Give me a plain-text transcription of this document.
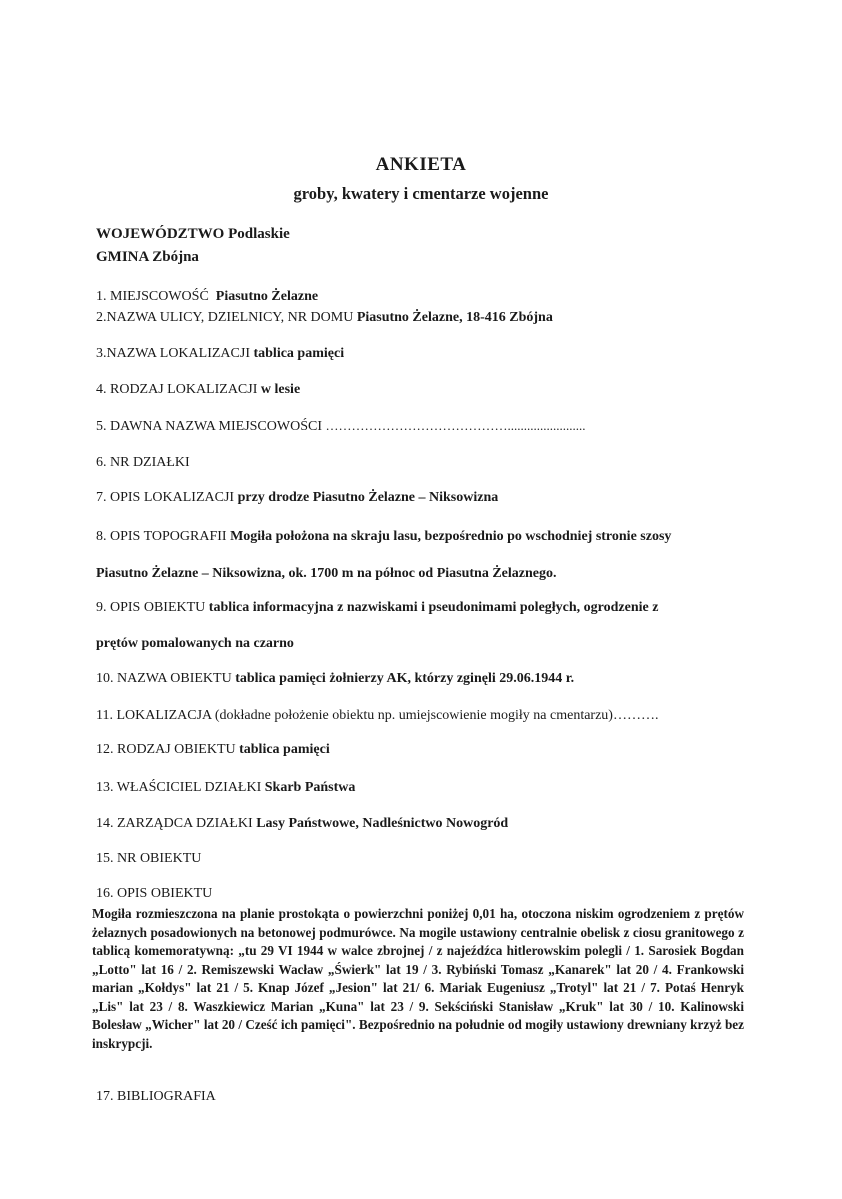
ANKIETA
groby, kwatery i cmentarze wojenne
WOJEWÓDZTWO Podlaskie
GMINA Zbójna
1. MIEJSCOWOŚĆ Piasutno Żelazne
2.NAZWA ULICY, DZIELNICY, NR DOMU Piasutno Żelazne, 18-416 Zbójna
3.NAZWA LOKALIZACJI tablica pamięci
4. RODZAJ LOKALIZACJI w lesie
5. DAWNA NAZWA MIEJSCOWOŚCI ……………………………………........................
6. NR DZIAŁKI
7. OPIS LOKALIZACJI przy drodze Piasutno Żelazne – Niksowizna
8. OPIS TOPOGRAFII Mogiła położona na skraju lasu, bezpośrednio po wschodniej stronie szosy
Piasutno Żelazne – Niksowizna, ok. 1700 m na północ od Piasutna Żelaznego.
9. OPIS OBIEKTU tablica informacyjna z nazwiskami i pseudonimami poległych, ogrodzenie z
prętów pomalowanych na czarno
10. NAZWA OBIEKTU tablica pamięci żołnierzy AK, którzy zginęli 29.06.1944 r.
11. LOKALIZACJA (dokładne położenie obiektu np. umiejscowienie mogiły na cmentarzu)……….
12. RODZAJ OBIEKTU tablica pamięci
13. WŁAŚCICIEL DZIAŁKI Skarb Państwa
14. ZARZĄDCA DZIAŁKI Lasy Państwowe, Nadleśnictwo Nowogród
15. NR OBIEKTU
16. OPIS OBIEKTU
Mogiła rozmieszczona na planie prostokąta o powierzchni poniżej 0,01 ha, otoczona niskim ogrodzeniem z prętów żelaznych posadowionych na betonowej podmurówce. Na mogile ustawiony centralnie obelisk z ciosu granitowego z tablicą komemoratywną: „tu 29 VI 1944 w walce zbrojnej / z najeźdźca hitlerowskim polegli / 1. Sarosiek Bogdan „Lotto" lat 16 / 2. Remiszewski Wacław „Świerk" lat 19 / 3. Rybiński Tomasz „Kanarek" lat 20 / 4. Frankowski marian „Kołdys" lat 21 / 5. Knap Józef „Jesion" lat 21/ 6. Mariak Eugeniusz „Trotyl" lat 21 / 7. Potaś Henryk „Lis" lat 23 / 8. Waszkiewicz Marian „Kuna" lat 23 / 9. Sekściński Stanisław „Kruk" lat 30 / 10. Kalinowski Bolesław „Wicher" lat 20 / Cześć ich pamięci". Bezpośrednio na południe od mogiły ustawiony drewniany krzyż bez inskrypcji.
17. BIBLIOGRAFIA
